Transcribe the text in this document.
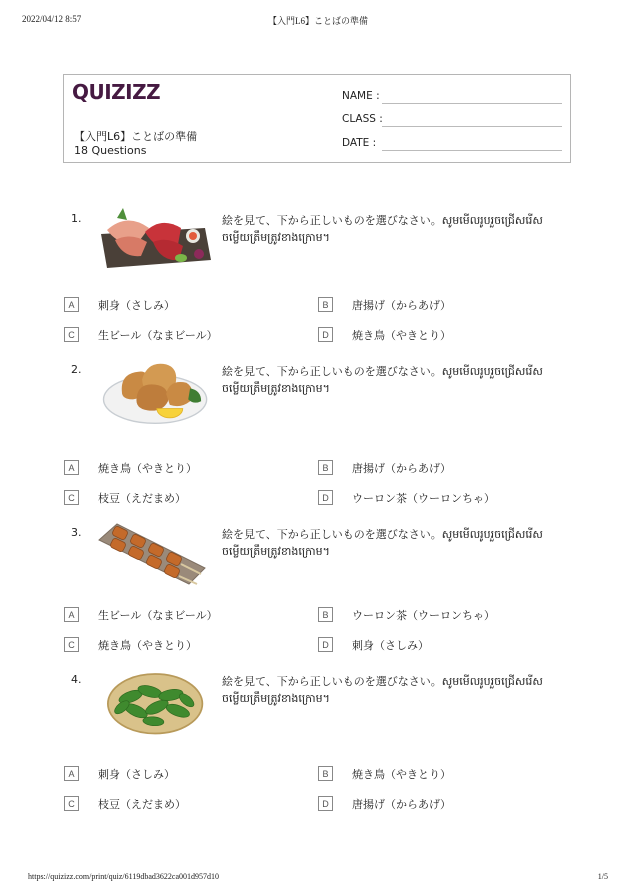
2022/04/12 8:57	【入門L6】ことばの準備
QUIZIZZ
【入門L6】ことばの準備
18 Questions
NAME :
CLASS :
DATE :
1.	絵を見て、下から正しいものを選びなさい。សូមមើលរូបរួចជ្រើសរើសចម្លើយត្រឹមត្រូវខាងក្រោម។
A	刺身（さしみ）	B	唐揚げ（からあげ）
C	生ビール（なまビール）	D	焼き鳥（やきとり）
2.	絵を見て、下から正しいものを選びなさい。សូមមើលរូបរួចជ្រើសរើសចម្លើយត្រឹមត្រូវខាងក្រោម។
A	焼き鳥（やきとり）	B	唐揚げ（からあげ）
C	枝豆（えだまめ）	D	ウーロン茶（ウーロンちゃ）
3.	絵を見て、下から正しいものを選びなさい。សូមមើលរូបរួចជ្រើសរើសចម្លើយត្រឹមត្រូវខាងក្រោម។
A	生ビール（なまビール）	B	ウーロン茶（ウーロンちゃ）
C	焼き鳥（やきとり）	D	刺身（さしみ）
4.	絵を見て、下から正しいものを選びなさい。សូមមើលរូបរួចជ្រើសរើសចម្លើយត្រឹមត្រូវខាងក្រោម។
A	刺身（さしみ）	B	焼き鳥（やきとり）
C	枝豆（えだまめ）	D	唐揚げ（からあげ）
https://quizizz.com/print/quiz/6119dbad3622ca001d957d10	1/5
